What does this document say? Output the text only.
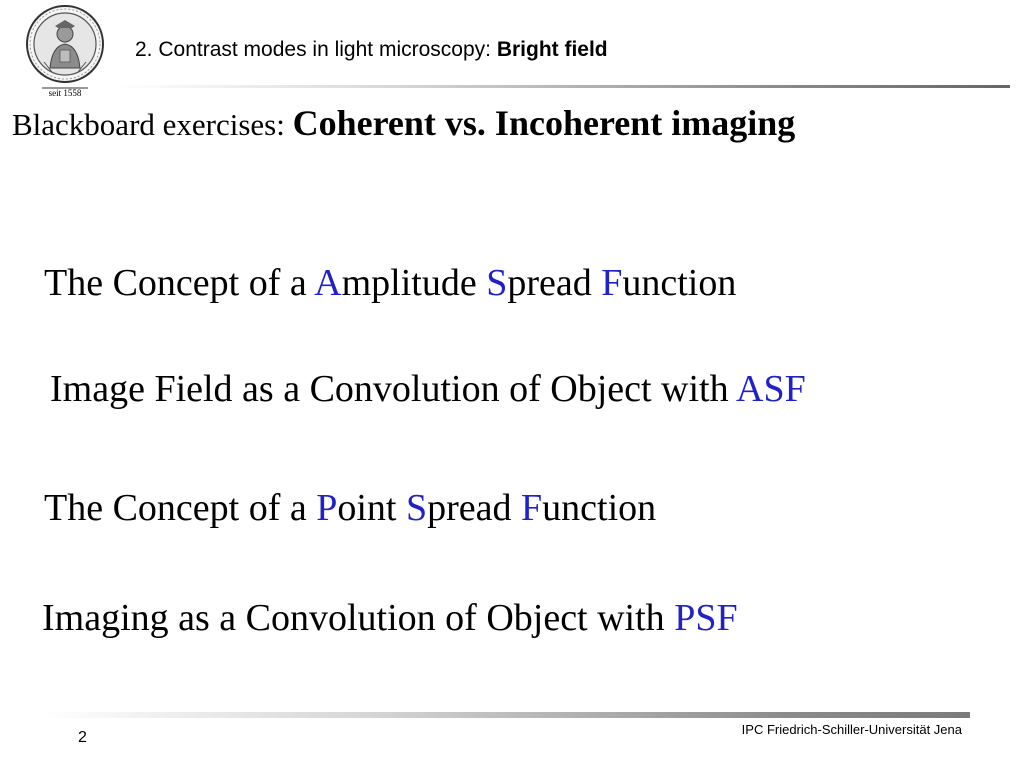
seit 1558
2. Contrast modes in light microscopy: Bright field
Blackboard exercises: Coherent vs. Incoherent imaging
The Concept of a Amplitude Spread Function
Image Field as a Convolution of Object with ASF
The Concept of a Point Spread Function
Imaging as a Convolution of Object with PSF
IPC Friedrich-Schiller-Universität Jena
2
